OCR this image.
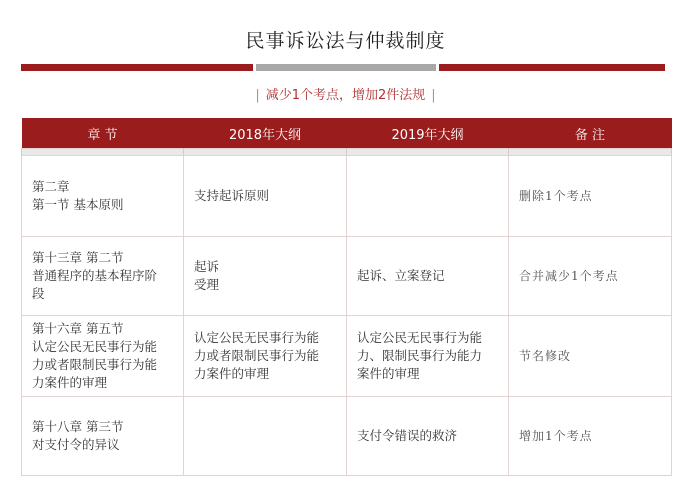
民事诉讼法与仲裁制度
| 减少1个考点，增加2件法规 |
章 节	2018年大纲	2019年大纲	备 注

第二章
第一节 基本原则	支持起诉原则		删除1个考点

第十三章 第二节
普通程序的基本程序阶
段	起诉
受理	起诉、立案登记	合并减少1个考点

第十六章 第五节
认定公民无民事行为能
力或者限制民事行为能
力案件的审理	认定公民无民事行为能
力或者限制民事行为能
力案件的审理	认定公民无民事行为能
力、限制民事行为能力
案件的审理	节名修改

第十八章 第三节
对支付令的异议		支付令错误的救济	增加1个考点
